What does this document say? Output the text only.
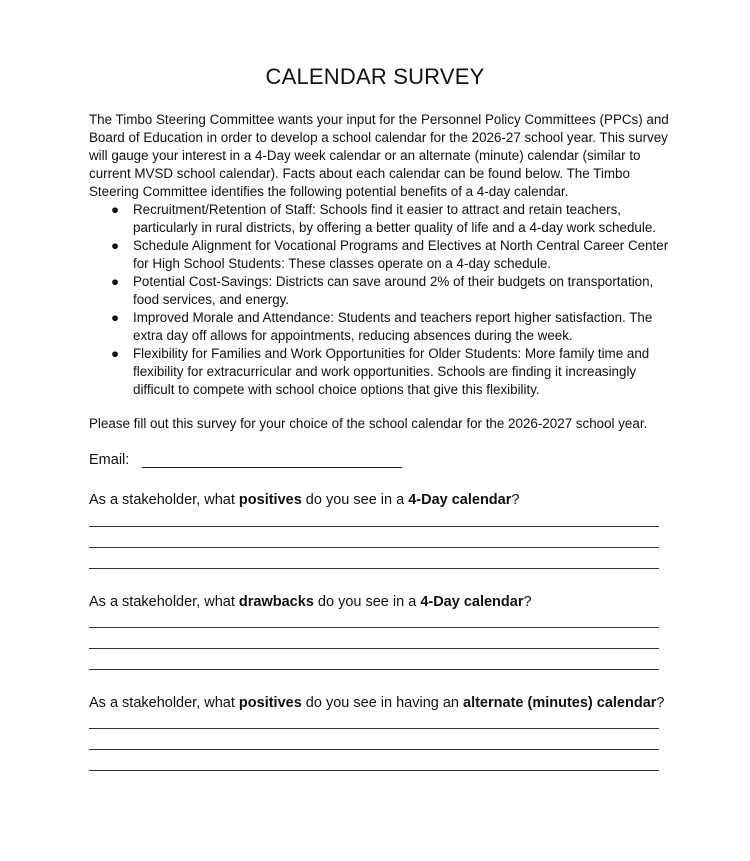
CALENDAR SURVEY

The Timbo Steering Committee wants your input for the Personnel Policy Committees (PPCs) and Board of Education in order to develop a school calendar for the 2026-27 school year. This survey will gauge your interest in a 4-Day week calendar or an alternate (minute) calendar (similar to current MVSD school calendar). Facts about each calendar can be found below. The Timbo Steering Committee identifies the following potential benefits of a 4-day calendar.

● Recruitment/Retention of Staff: Schools find it easier to attract and retain teachers, particularly in rural districts, by offering a better quality of life and a 4-day work schedule.
● Schedule Alignment for Vocational Programs and Electives at North Central Career Center for High School Students: These classes operate on a 4-day schedule.
● Potential Cost-Savings: Districts can save around 2% of their budgets on transportation, food services, and energy.
● Improved Morale and Attendance: Students and teachers report higher satisfaction. The extra day off allows for appointments, reducing absences during the week.
● Flexibility for Families and Work Opportunities for Older Students: More family time and flexibility for extracurricular and work opportunities. Schools are finding it increasingly difficult to compete with school choice options that give this flexibility.
Please fill out this survey for your choice of the school calendar for the 2026-2027 school year.
Email:
As a stakeholder, what positives do you see in a 4-Day calendar?
As a stakeholder, what drawbacks do you see in a 4-Day calendar?
As a stakeholder, what positives do you see in having an alternate (minutes) calendar?
